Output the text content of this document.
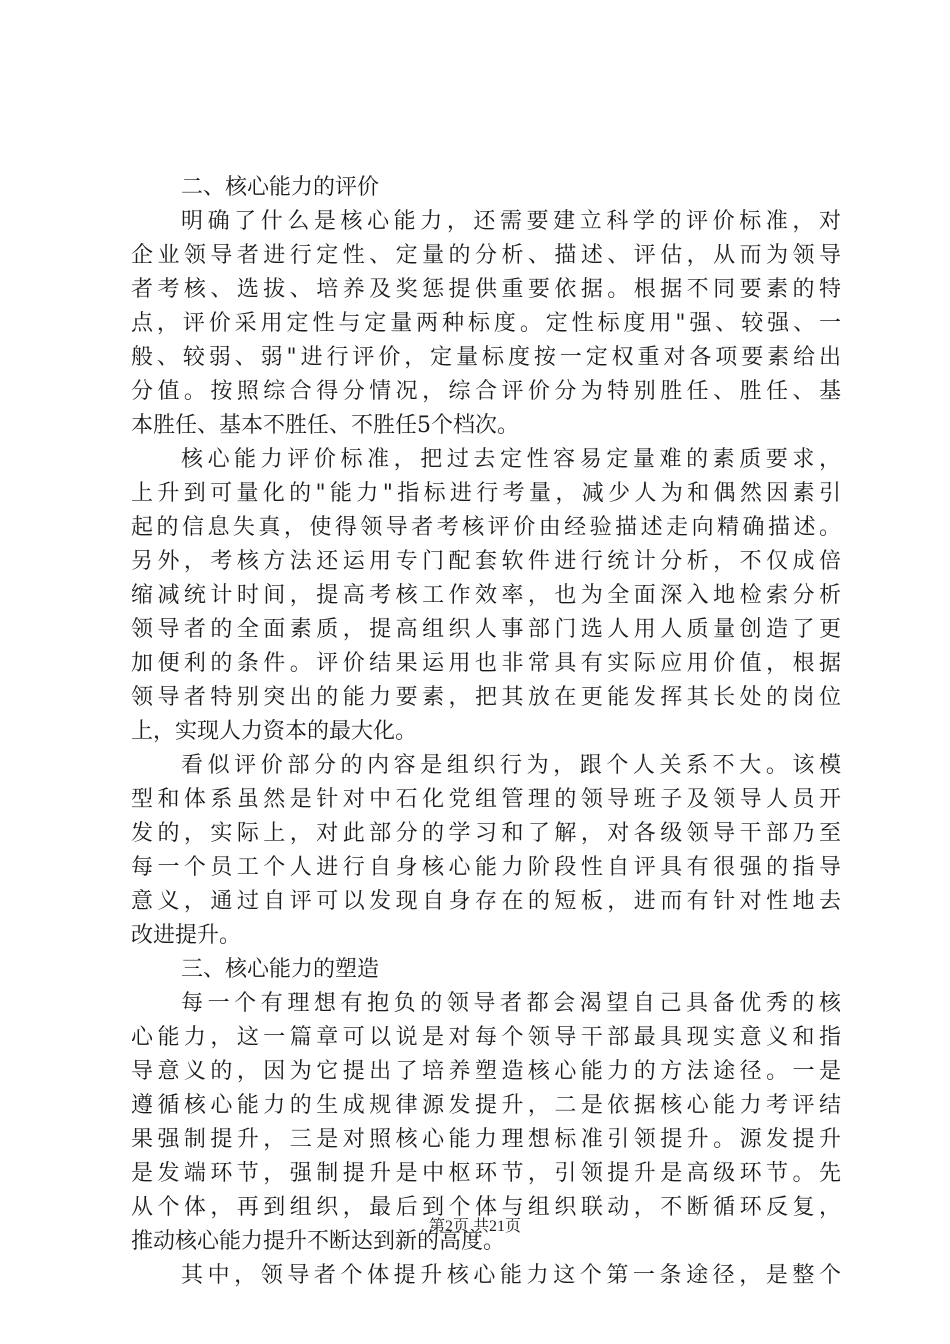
二、核心能力的评价
明确了什么是核心能力，还需要建立科学的评价标准，对
企业领导者进行定性、定量的分析、描述、评估，从而为领导
者考核、选拔、培养及奖惩提供重要依据。根据不同要素的特
点，评价采用定性与定量两种标度。定性标度用"强、较强、一
般、较弱、弱"进行评价，定量标度按一定权重对各项要素给出
分值。按照综合得分情况，综合评价分为特别胜任、胜任、基
本胜任、基本不胜任、不胜任5个档次。
核心能力评价标准，把过去定性容易定量难的素质要求，
上升到可量化的"能力"指标进行考量，减少人为和偶然因素引
起的信息失真，使得领导者考核评价由经验描述走向精确描述。
另外，考核方法还运用专门配套软件进行统计分析，不仅成倍
缩减统计时间，提高考核工作效率，也为全面深入地检索分析
领导者的全面素质，提高组织人事部门选人用人质量创造了更
加便利的条件。评价结果运用也非常具有实际应用价值，根据
领导者特别突出的能力要素，把其放在更能发挥其长处的岗位
上，实现人力资本的最大化。
看似评价部分的内容是组织行为，跟个人关系不大。该模
型和体系虽然是针对中石化党组管理的领导班子及领导人员开
发的，实际上，对此部分的学习和了解，对各级领导干部乃至
每一个员工个人进行自身核心能力阶段性自评具有很强的指导
意义，通过自评可以发现自身存在的短板，进而有针对性地去
改进提升。
三、核心能力的塑造
每一个有理想有抱负的领导者都会渴望自己具备优秀的核
心能力，这一篇章可以说是对每个领导干部最具现实意义和指
导意义的，因为它提出了培养塑造核心能力的方法途径。一是
遵循核心能力的生成规律源发提升，二是依据核心能力考评结
果强制提升，三是对照核心能力理想标准引领提升。源发提升
是发端环节，强制提升是中枢环节，引领提升是高级环节。先
从个体，再到组织，最后到个体与组织联动，不断循环反复，
推动核心能力提升不断达到新的高度。
其中，领导者个体提升核心能力这个第一条途径，是整个
第2页 共21页
